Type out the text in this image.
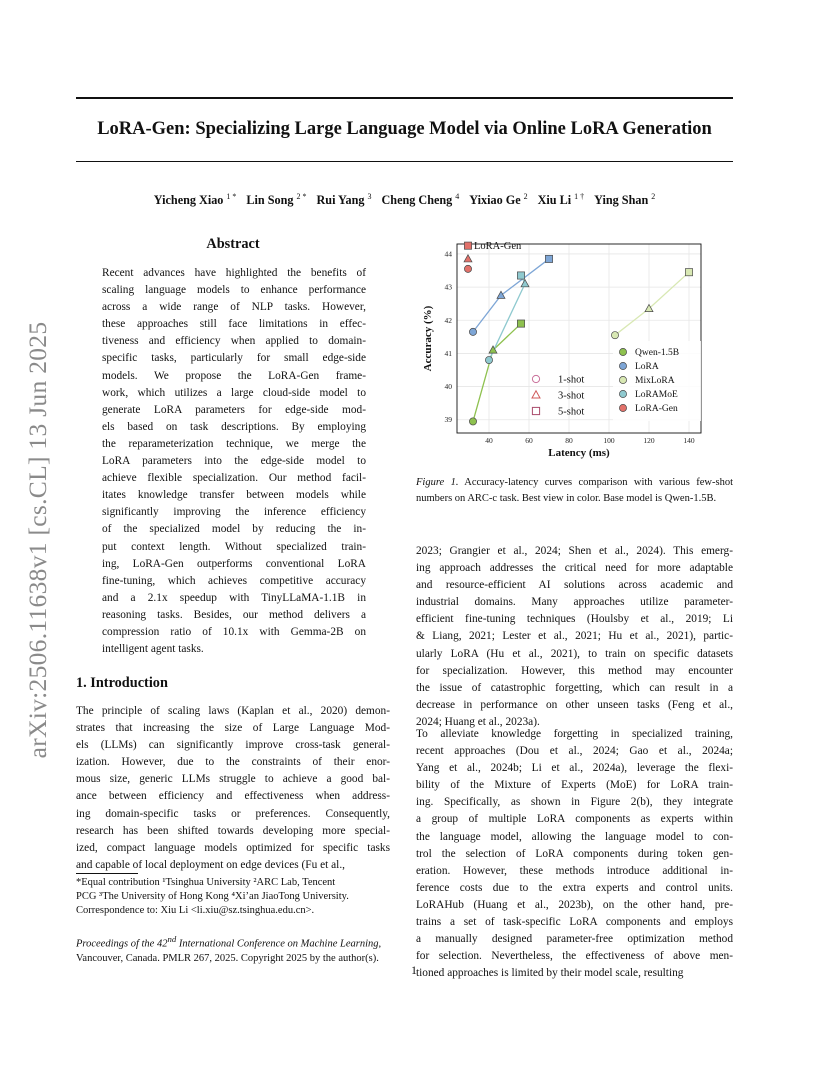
LoRA-Gen: Specializing Large Language Model via Online LoRA Generation
Yicheng Xiao $^{1 *}$ Lin Song $^{2 *}$ Rui Yang $^3$ Cheng Cheng $^4$ Yixiao Ge $^2$ Xiu Li $^{1 \dagger}$ Ying Shan $^2$
arXiv:2506.11638v1 [cs.CL] 13 Jun 2025
Abstract
Recent advances have highlighted the benefits of
scaling language models to enhance performance
across a wide range of NLP tasks. However,
these approaches still face limitations in effec-
tiveness and efficiency when applied to domain-
specific tasks, particularly for small edge-side
models. We propose the LoRA-Gen frame-
work, which utilizes a large cloud-side model to
generate LoRA parameters for edge-side mod-
els based on task descriptions. By employing
the reparameterization technique, we merge the
LoRA parameters into the edge-side model to
achieve flexible specialization. Our method facil-
itates knowledge transfer between models while
significantly improving the inference efficiency
of the specialized model by reducing the in-
put context length. Without specialized train-
ing, LoRA-Gen outperforms conventional LoRA
fine-tuning, which achieves competitive accuracy
and a 2.1x speedup with TinyLLaMA-1.1B in
reasoning tasks. Besides, our method delivers a
compression ratio of 10.1x with Gemma-2B on
intelligent agent tasks.
1. Introduction
The principle of scaling laws (Kaplan et al., 2020) demon-
strates that increasing the size of Large Language Mod-
els (LLMs) can significantly improve cross-task general-
ization. However, due to the constraints of their enor-
mous size, generic LLMs struggle to achieve a good bal-
ance between efficiency and effectiveness when address-
ing domain-specific tasks or preferences. Consequently,
research has been shifted towards developing more special-
ized, compact language models optimized for specific tasks
and capable of local deployment on edge devices (Fu et al.,
*Equal contribution ¹Tsinghua University ²ARC Lab, Tencent
PCG ³The University of Hong Kong ⁴Xi’an JiaoTong University.
Correspondence to: Xiu Li <li.xiu@sz.tsinghua.edu.cn>.
Proceedings of the 42nd International Conference on Machine Learning, Vancouver, Canada. PMLR 267, 2025. Copyright 2025 by the author(s).
40	60	80	100	120	140
39
40
41
42
43
44
Latency (ms)
Accuracy (%)
LoRA-Gen
Qwen-1.5B
LoRA
MixLoRA
LoRAMoE
LoRA-Gen
1-shot
3-shot
5-shot
Figure 1. Accuracy-latency curves comparison with various few-shot numbers on ARC-c task. Best view in color. Base model is Qwen-1.5B.
2023; Grangier et al., 2024; Shen et al., 2024). This emerg-
ing approach addresses the critical need for more adaptable
and resource-efficient AI solutions across academic and
industrial domains. Many approaches utilize parameter-
efficient fine-tuning techniques (Houlsby et al., 2019; Li
& Liang, 2021; Lester et al., 2021; Hu et al., 2021), partic-
ularly LoRA (Hu et al., 2021), to train on specific datasets
for specialization. However, this method may encounter
the issue of catastrophic forgetting, which can result in a
decrease in performance on other unseen tasks (Feng et al.,
2024; Huang et al., 2023a).
To alleviate knowledge forgetting in specialized training,
recent approaches (Dou et al., 2024; Gao et al., 2024a;
Yang et al., 2024b; Li et al., 2024a), leverage the flexi-
bility of the Mixture of Experts (MoE) for LoRA train-
ing. Specifically, as shown in Figure 2(b), they integrate
a group of multiple LoRA components as experts within
the language model, allowing the language model to con-
trol the selection of LoRA components during token gen-
eration. However, these methods introduce additional in-
ference costs due to the extra experts and control units.
LoRAHub (Huang et al., 2023b), on the other hand, pre-
trains a set of task-specific LoRA components and employs
a manually designed parameter-free optimization method
for selection. Nevertheless, the effectiveness of above men-
tioned approaches is limited by their model scale, resulting
1
